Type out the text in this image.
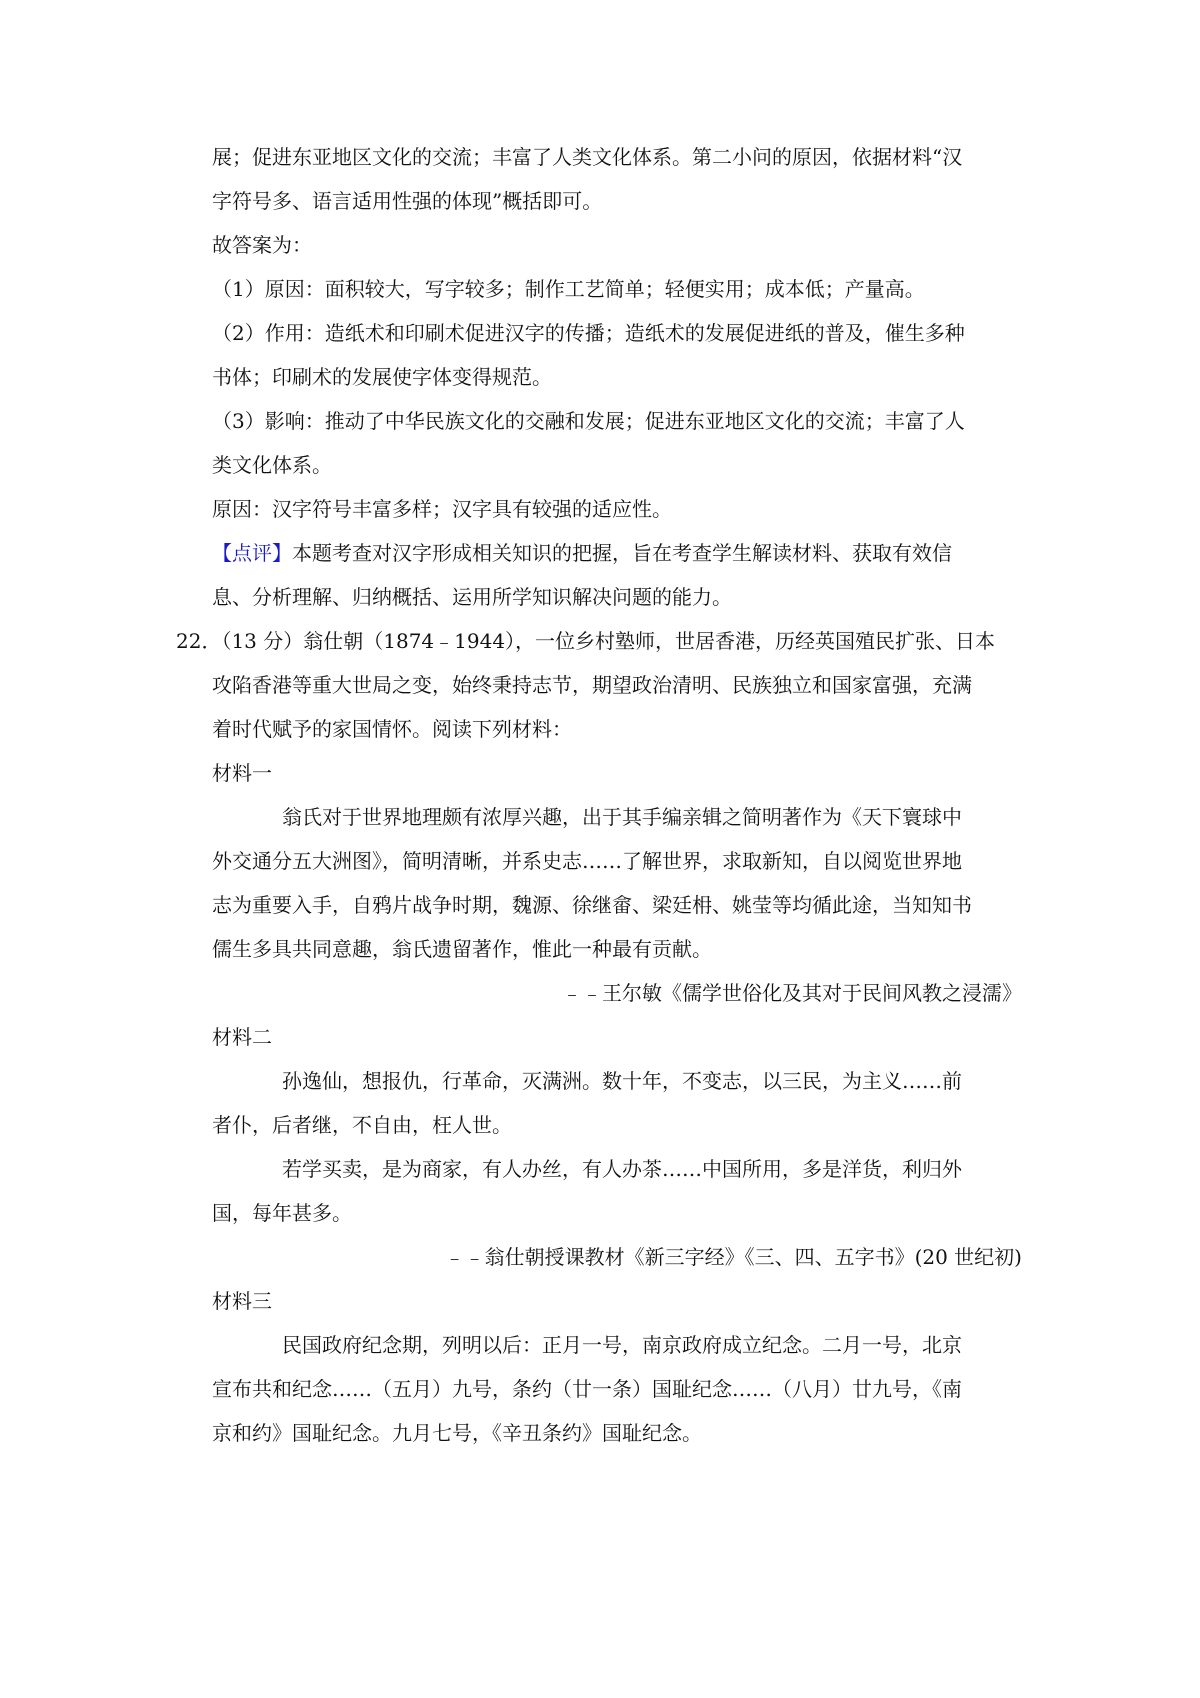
展；促进东亚地区文化的交流；丰富了人类文化体系。第二小问的原因，依据材料“汉
字符号多、语言适用性强的体现”概括即可。
故答案为：
（1）原因：面积较大，写字较多；制作工艺简单；轻便实用；成本低；产量高。
（2）作用：造纸术和印刷术促进汉字的传播；造纸术的发展促进纸的普及，催生多种
书体；印刷术的发展使字体变得规范。
（3）影响：推动了中华民族文化的交融和发展；促进东亚地区文化的交流；丰富了人
类文化体系。
原因：汉字符号丰富多样；汉字具有较强的适应性。
【点评】本题考查对汉字形成相关知识的把握，旨在考查学生解读材料、获取有效信
息、分析理解、归纳概括、运用所学知识解决问题的能力。
22．（13 分）翁仕朝（1874﹣1944），一位乡村塾师，世居香港，历经英国殖民扩张、日本
攻陷香港等重大世局之变，始终秉持志节，期望政治清明、民族独立和国家富强，充满
着时代赋予的家国情怀。阅读下列材料：
材料一
翁氏对于世界地理颇有浓厚兴趣，出于其手编亲辑之简明著作为《天下寰球中
外交通分五大洲图》，简明清晰，并系史志……了解世界，求取新知，自以阅览世界地
志为重要入手，自鸦片战争时期，魏源、徐继畲、梁廷枏、姚莹等均循此途，当知知书
儒生多具共同意趣，翁氏遗留著作，惟此一种最有贡献。
﹣﹣王尔敏《儒学世俗化及其对于民间风教之浸濡》
材料二
孙逸仙，想报仇，行革命，灭满洲。数十年，不变志，以三民，为主义……前
者仆，后者继，不自由，枉人世。
若学买卖，是为商家，有人办丝，有人办茶……中国所用，多是洋货，利归外
国，每年甚多。
﹣﹣翁仕朝授课教材《新三字经》《三、四、五字书》(20 世纪初)
材料三
民国政府纪念期，列明以后：正月一号，南京政府成立纪念。二月一号，北京
宣布共和纪念……（五月）九号，条约（廿一条）国耻纪念……（八月）廿九号，《南
京和约》国耻纪念。九月七号，《辛丑条约》国耻纪念。
